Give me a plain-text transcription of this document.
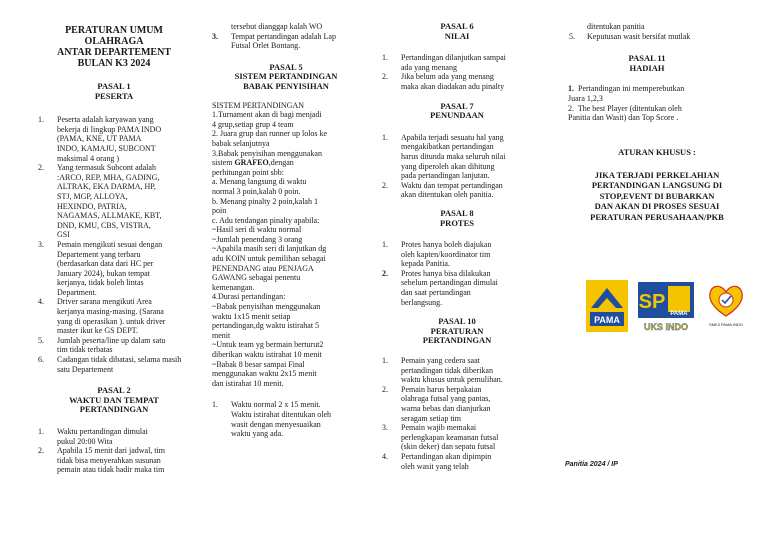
PERATURAN UMUM
OLAHRAGA
ANTAR DEPARTEMENT
BULAN K3 2024
PASAL 1
PESERTA
1. Peserta adalah karyawan yang
bekerja di lingkup PAMA INDO
(PAMA, KNE, UT PAMA
INDO, KAMAJU, SUBCONT
maksimal 4 orang )
2. Yang termasuk Subcont adalah
:ARCO, REP, MHA, GADING,
ALTRAK, EKA DARMA, HP,
STJ, MGP, ALLOYA,
HEXINDO, PATRIA,
NAGAMAS, ALLMAKE, KBT,
DND, KMU, CBS, VISTRA,
GSI
3. Pemain mengikuti sesuai dengan
Departement yang terbaru
(berdasarkan data dari HC per
January 2024), bukan tempat
kerjanya, tidak boleh lintas
Department.
4. Driver sarana mengikuti Area
kerjanya masing-masing. (Sarana
yang di operasikan ). untuk driver
master ikut ke GS DEPT.
5. Jumlah peserta/line up dalam satu
tim tidak terbatas
6. Cadangan tidak dibatasi, selama masih
satu Departement
PASAL 2
WAKTU DAN TEMPAT
PERTANDINGAN
1. Waktu pertandingan dimulai
pukul 20:00 Wita
2. Apabila 15 menit dari jadwal, tim
tidak bisa menyerahkan susunan
pemain atau tidak hadir maka tim
tersebut dianggap kalah WO
3. Tempat pertandingan adalah Lap
Futsal Orlet Bontang.
PASAL 5
SISTEM PERTANDINGAN
BABAK PENYISIHAN
SISTEM PERTANDINGAN
1.Turnament akan di bagi menjadi
4 grup,setiap grup 4 team
2. Juara grup dan runner up lolos ke
babak selanjutnya
3.Babak penyisihan menggunakan
sistem GRAFEO,dengan
perhitungan point sbb:
a. Menang langsung di waktu
normal 3 poin,kalah 0 poin.
b. Menang pinalty 2 poin,kalah 1
poin
c. Adu tendangan pinalty apabila:
~Hasil seri di waktu normal
~Jumlah penendang 3 orang
~Apabila masih seri di lanjutkan dg
adu KOIN untuk pemilihan sebagai
PENENDANG atau PENJAGA
GAWANG sebagai penentu
kemenangan.
4.Durasi pertandingan:
~Babak penyisihan menggunakan
waktu 1x15 menit setiap
pertandingan,dg waktu istirahat 5
menit
~Untuk team yg bermain berturut2
diberikan waktu istirahat 10 menit
~Babak 8 besar sampai Final
menggunakan waktu 2x15 menit
dan istirahat 10 menit.
1. Waktu normal 2 x 15 menit.
Waktu istirahat ditentukan oleh
wasit dengan menyesuaikan
waktu yang ada.
PASAL 6
NILAI
1. Pertandingan dilanjutkan sampai
ada yang menang
2. Jika belum ada yang menang
maka akan diadakan adu pinalty
PASAL 7
PENUNDAAN
1. Apabila terjadi sesuatu hal yang
mengakibatkan pertandingan
harus ditunda maka seluruh nilai
yang diperoleh akan dihitung
pada pertandingan lanjutan.
2. Waktu dan tempat pertandingan
akan ditentukan oleh panitia.
PASAL 8
PROTES
1. Protes hanya boleh diajukan
oleh kapten/koordinator tim
kepada Panitia.
2. Protes hanya bisa dilakukan
sebelum pertandingan dimulai
dan saat pertandingan
berlangsung.
PASAL 10
PERATURAN
PERTANDINGAN
1. Pemain yang cedera saat
pertandingan tidak diberikan
waktu khusus untuk pemulihan.
2. Pemain harus berpakaian
olahraga futsal yang pantas,
warna bebas dan dianjurkan
seragam setiap tim
3. Pemain wajib memakai
perlengkapan keamanan futsal
(skin deker) dan sepatu futsal
4. Pertandingan akan dipimpin
oleh wasit yang telah
ditentukan panitia
5. Keputusan wasit bersifat mutlak
PASAL 11
HADIAH
1. Pertandingan ini memperebutkan
Juara 1,2,3
2. The best Player (ditentukan oleh
Panitia dan Wasit) dan Top Score .
ATURAN KHUSUS :
JIKA TERJADI PERKELAHIAN
PERTANDINGAN LANGSUNG DI
STOP,EVENT DI BUBARKAN
DAN AKAN DI PROSES SESUAI
PERATURAN PERUSAHAAN/PKB
PAMA
SP
PAMA
UKS INDO	SMK3 PAMA INDO
Panitia 2024 / IP
